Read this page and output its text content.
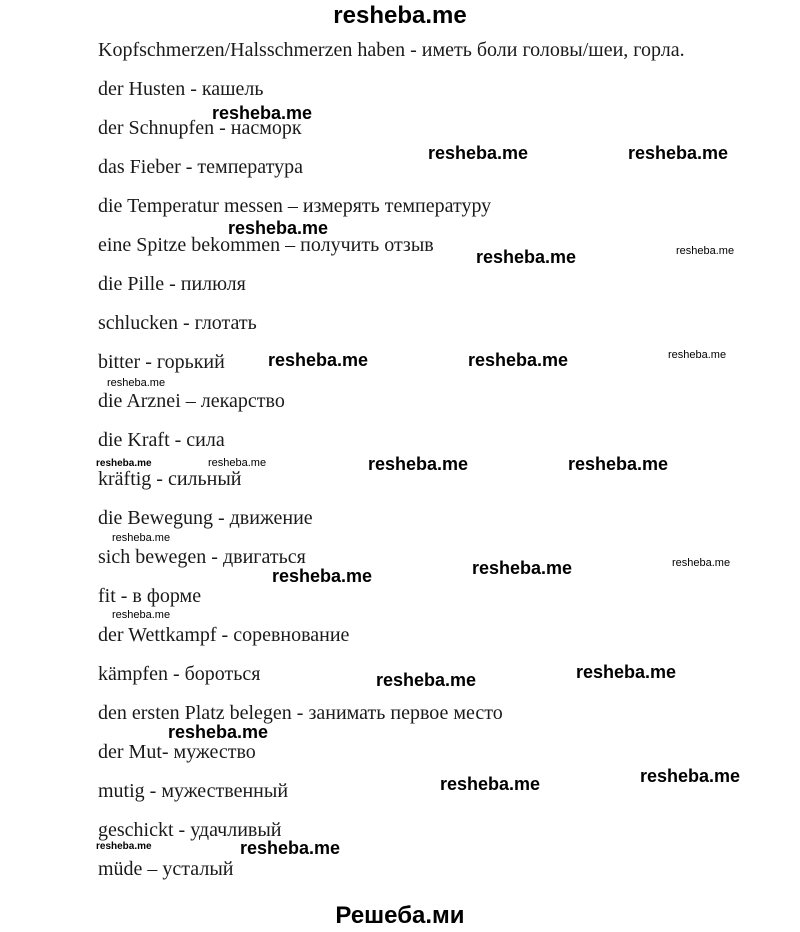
resheba.me
Kopfschmerzen/Halsschmerzen haben - иметь боли головы/шеи, горла.
der Husten - кашель
der Schnupfen - насморк
das Fieber - температура
die Temperatur messen – измерять температуру
eine Spitze bekommen – получить отзыв
die Pille - пилюля
schlucken - глотать
bitter - горький
die Arznei – лекарство
die Kraft - сила
kräftig - сильный
die Bewegung - движение
sich bewegen - двигаться
fit - в форме
der Wettkampf - соревнование
kämpfen - бороться
den ersten Platz belegen - занимать первое место
der Mut- мужество
mutig - мужественный
geschickt - удачливый
müde – усталый
resheba.me
resheba.me	resheba.me
resheba.me
resheba.me	resheba.me
resheba.me	resheba.me	resheba.me
resheba.me
resheba.me	resheba.me	resheba.me	resheba.me
resheba.me
resheba.me	resheba.me	resheba.me
resheba.me
resheba.me
resheba.me
resheba.me
resheba.me
resheba.me
resheba.me	resheba.me
Решеба.ми
